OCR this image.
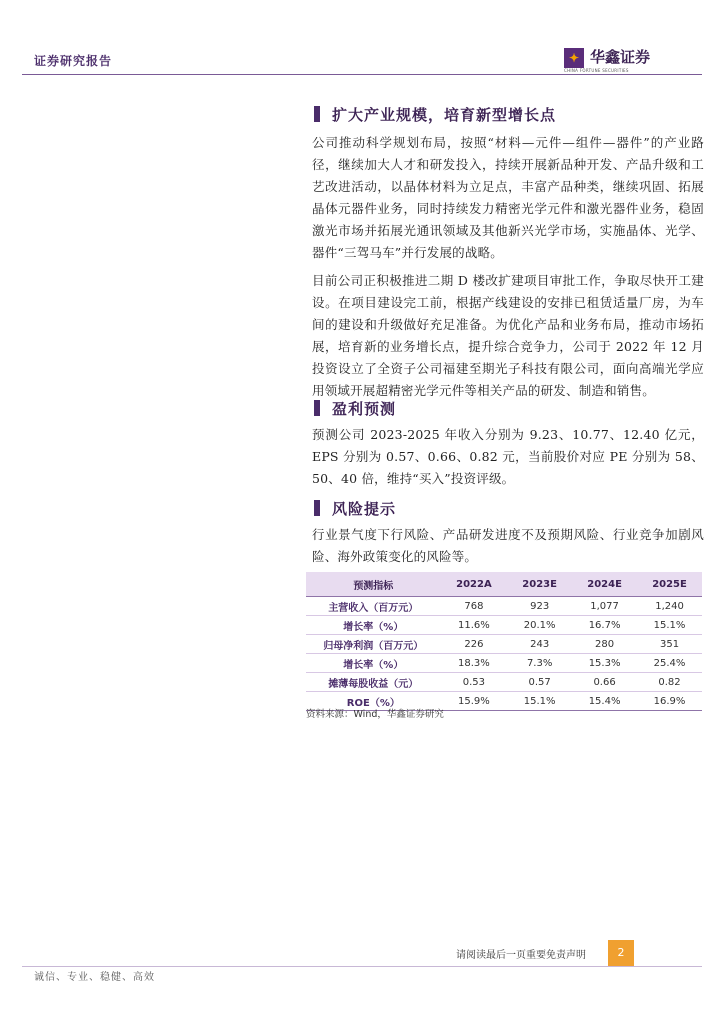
证券研究报告	✦ 华鑫证券
CHINA FORTUNE SECURITIES
扩大产业规模，培育新型增长点

公司推动科学规划布局，按照“材料—元件—组件—器件”的产业路径，继续加大人才和研发投入，持续开展新品种开发、产品升级和工艺改进活动，以晶体材料为立足点，丰富产品种类，继续巩固、拓展晶体元器件业务，同时持续发力精密光学元件和激光器件业务，稳固激光市场并拓展光通讯领域及其他新兴光学市场，实施晶体、光学、器件“三驾马车”并行发展的战略。

目前公司正积极推进二期 D 楼改扩建项目审批工作，争取尽快开工建设。在项目建设完工前，根据产线建设的安排已租赁适量厂房，为车间的建设和升级做好充足准备。为优化产品和业务布局，推动市场拓展，培育新的业务增长点，提升综合竞争力，公司于 2022 年 12 月投资设立了全资子公司福建至期光子科技有限公司，面向高端光学应用领域开展超精密光学元件等相关产品的研发、制造和销售。

盈利预测

预测公司 2023-2025 年收入分别为 9.23、10.77、12.40 亿元，EPS 分别为 0.57、0.66、0.82 元，当前股价对应 PE 分别为 58、50、40 倍，维持“买入”投资评级。

风险提示

行业景气度下行风险、产品研发进度不及预期风险、行业竞争加剧风险、海外政策变化的风险等。

预测指标	2022A	2023E	2024E	2025E
主营收入（百万元）	768	923	1,077	1,240
增长率（%）	11.6%	20.1%	16.7%	15.1%
归母净利润（百万元）	226	243	280	351
增长率（%）	18.3%	7.3%	15.3%	25.4%
摊薄每股收益（元）	0.53	0.57	0.66	0.82
ROE（%）	15.9%	15.1%	15.4%	16.9%
资料来源：Wind，华鑫证券研究
请阅读最后一页重要免责声明	2
诚信、专业、稳健、高效
